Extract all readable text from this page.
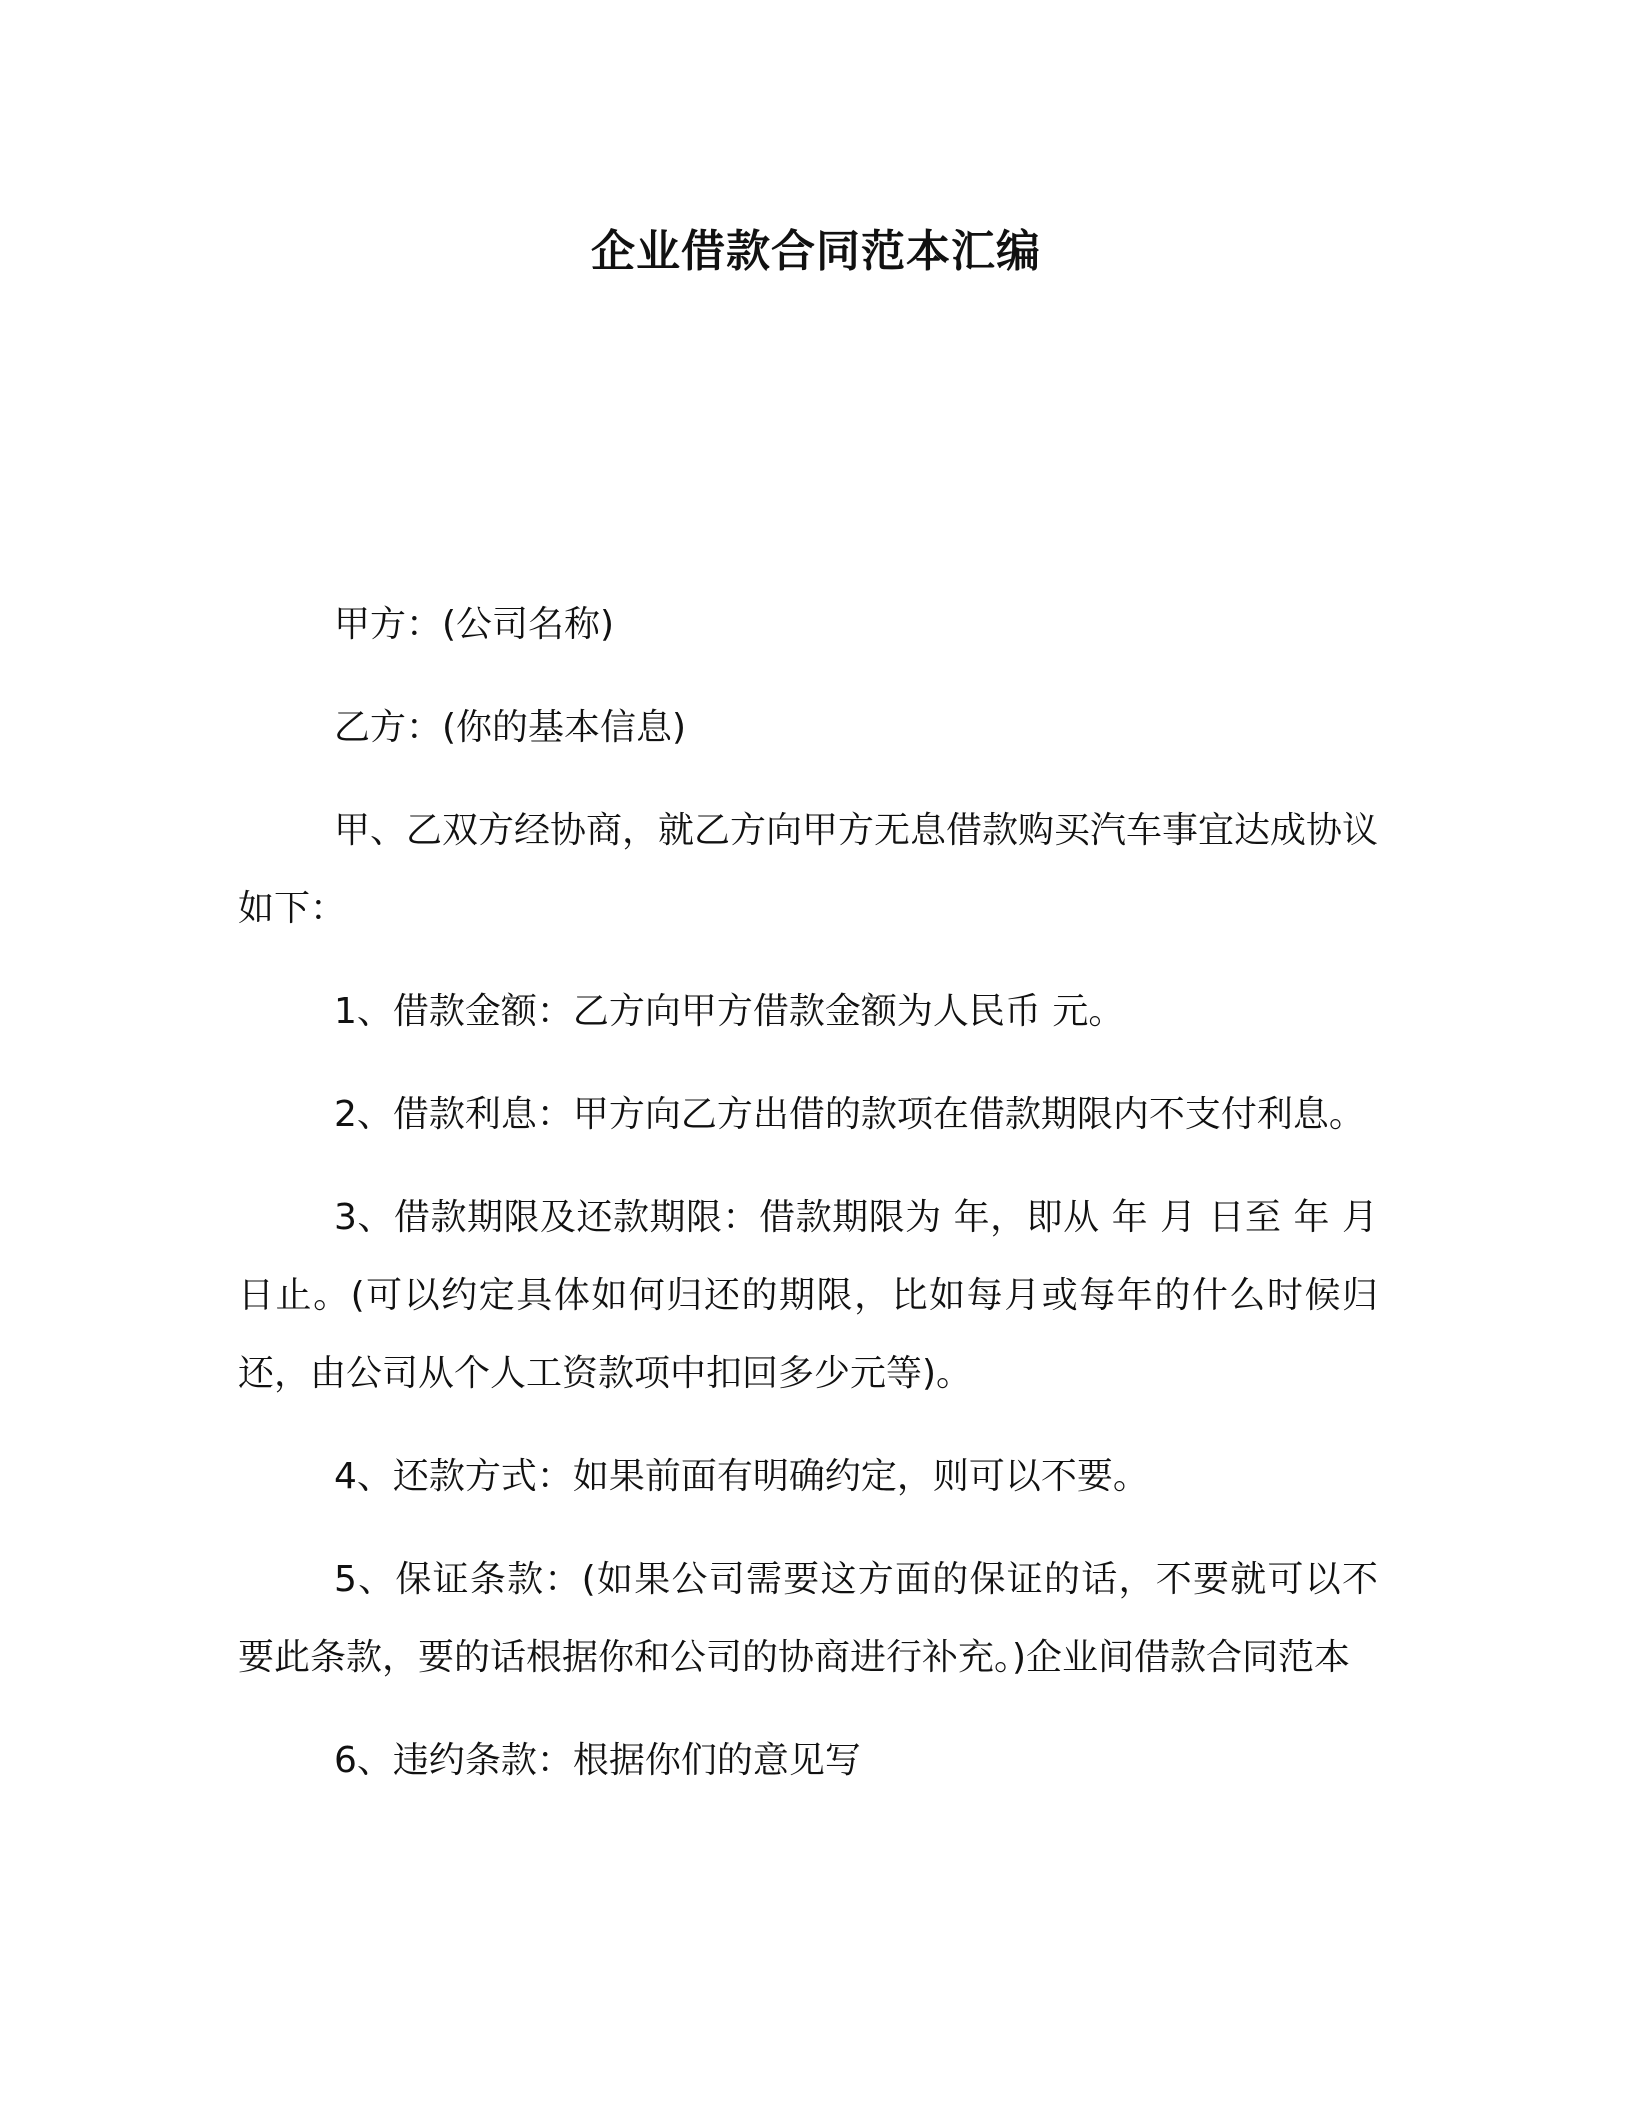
企业借款合同范本汇编

甲方：(公司名称)

乙方：(你的基本信息)

甲、乙双方经协商，就乙方向甲方无息借款购买汽车事宜达成协议如下：

1、借款金额：乙方向甲方借款金额为人民币 元。

2、借款利息：甲方向乙方出借的款项在借款期限内不支付利息。

3、借款期限及还款期限：借款期限为 年，即从 年 月 日至 年 月 日止。(可以约定具体如何归还的期限，比如每月或每年的什么时候归还，由公司从个人工资款项中扣回多少元等)。

4、还款方式：如果前面有明确约定，则可以不要。

5、保证条款：(如果公司需要这方面的保证的话，不要就可以不要此条款，要的话根据你和公司的协商进行补充。)企业间借款合同范本

6、违约条款：根据你们的意见写
